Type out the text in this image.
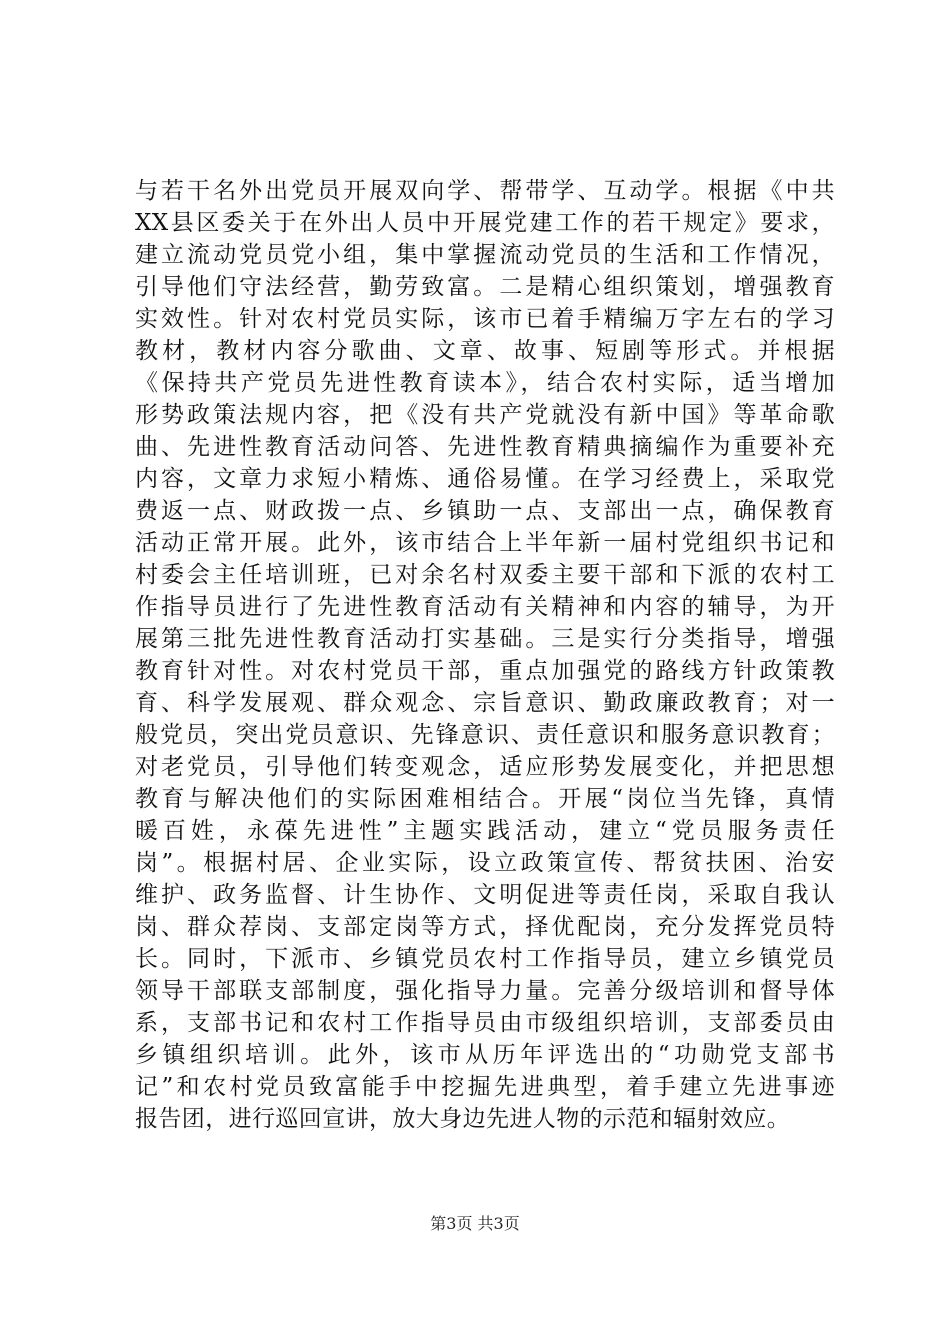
与若干名外出党员开展双向学、帮带学、互动学。根据《中共
XX县区委关于在外出人员中开展党建工作的若干规定》要求，
建立流动党员党小组，集中掌握流动党员的生活和工作情况，
引导他们守法经营，勤劳致富。二是精心组织策划，增强教育
实效性。针对农村党员实际，该市已着手精编万字左右的学习
教材，教材内容分歌曲、文章、故事、短剧等形式。并根据
《保持共产党员先进性教育读本》，结合农村实际，适当增加
形势政策法规内容，把《没有共产党就没有新中国》等革命歌
曲、先进性教育活动问答、先进性教育精典摘编作为重要补充
内容，文章力求短小精炼、通俗易懂。在学习经费上，采取党
费返一点、财政拨一点、乡镇助一点、支部出一点，确保教育
活动正常开展。此外，该市结合上半年新一届村党组织书记和
村委会主任培训班，已对余名村双委主要干部和下派的农村工
作指导员进行了先进性教育活动有关精神和内容的辅导，为开
展第三批先进性教育活动打实基础。三是实行分类指导，增强
教育针对性。对农村党员干部，重点加强党的路线方针政策教
育、科学发展观、群众观念、宗旨意识、勤政廉政教育；对一
般党员，突出党员意识、先锋意识、责任意识和服务意识教育；
对老党员，引导他们转变观念，适应形势发展变化，并把思想
教育与解决他们的实际困难相结合。开展“岗位当先锋，真情
暖百姓，永葆先进性”主题实践活动，建立“党员服务责任
岗”。根据村居、企业实际，设立政策宣传、帮贫扶困、治安
维护、政务监督、计生协作、文明促进等责任岗，采取自我认
岗、群众荐岗、支部定岗等方式，择优配岗，充分发挥党员特
长。同时，下派市、乡镇党员农村工作指导员，建立乡镇党员
领导干部联支部制度，强化指导力量。完善分级培训和督导体
系，支部书记和农村工作指导员由市级组织培训，支部委员由
乡镇组织培训。此外，该市从历年评选出的“功勋党支部书
记”和农村党员致富能手中挖掘先进典型，着手建立先进事迹
报告团，进行巡回宣讲，放大身边先进人物的示范和辐射效应。
第3页 共3页
